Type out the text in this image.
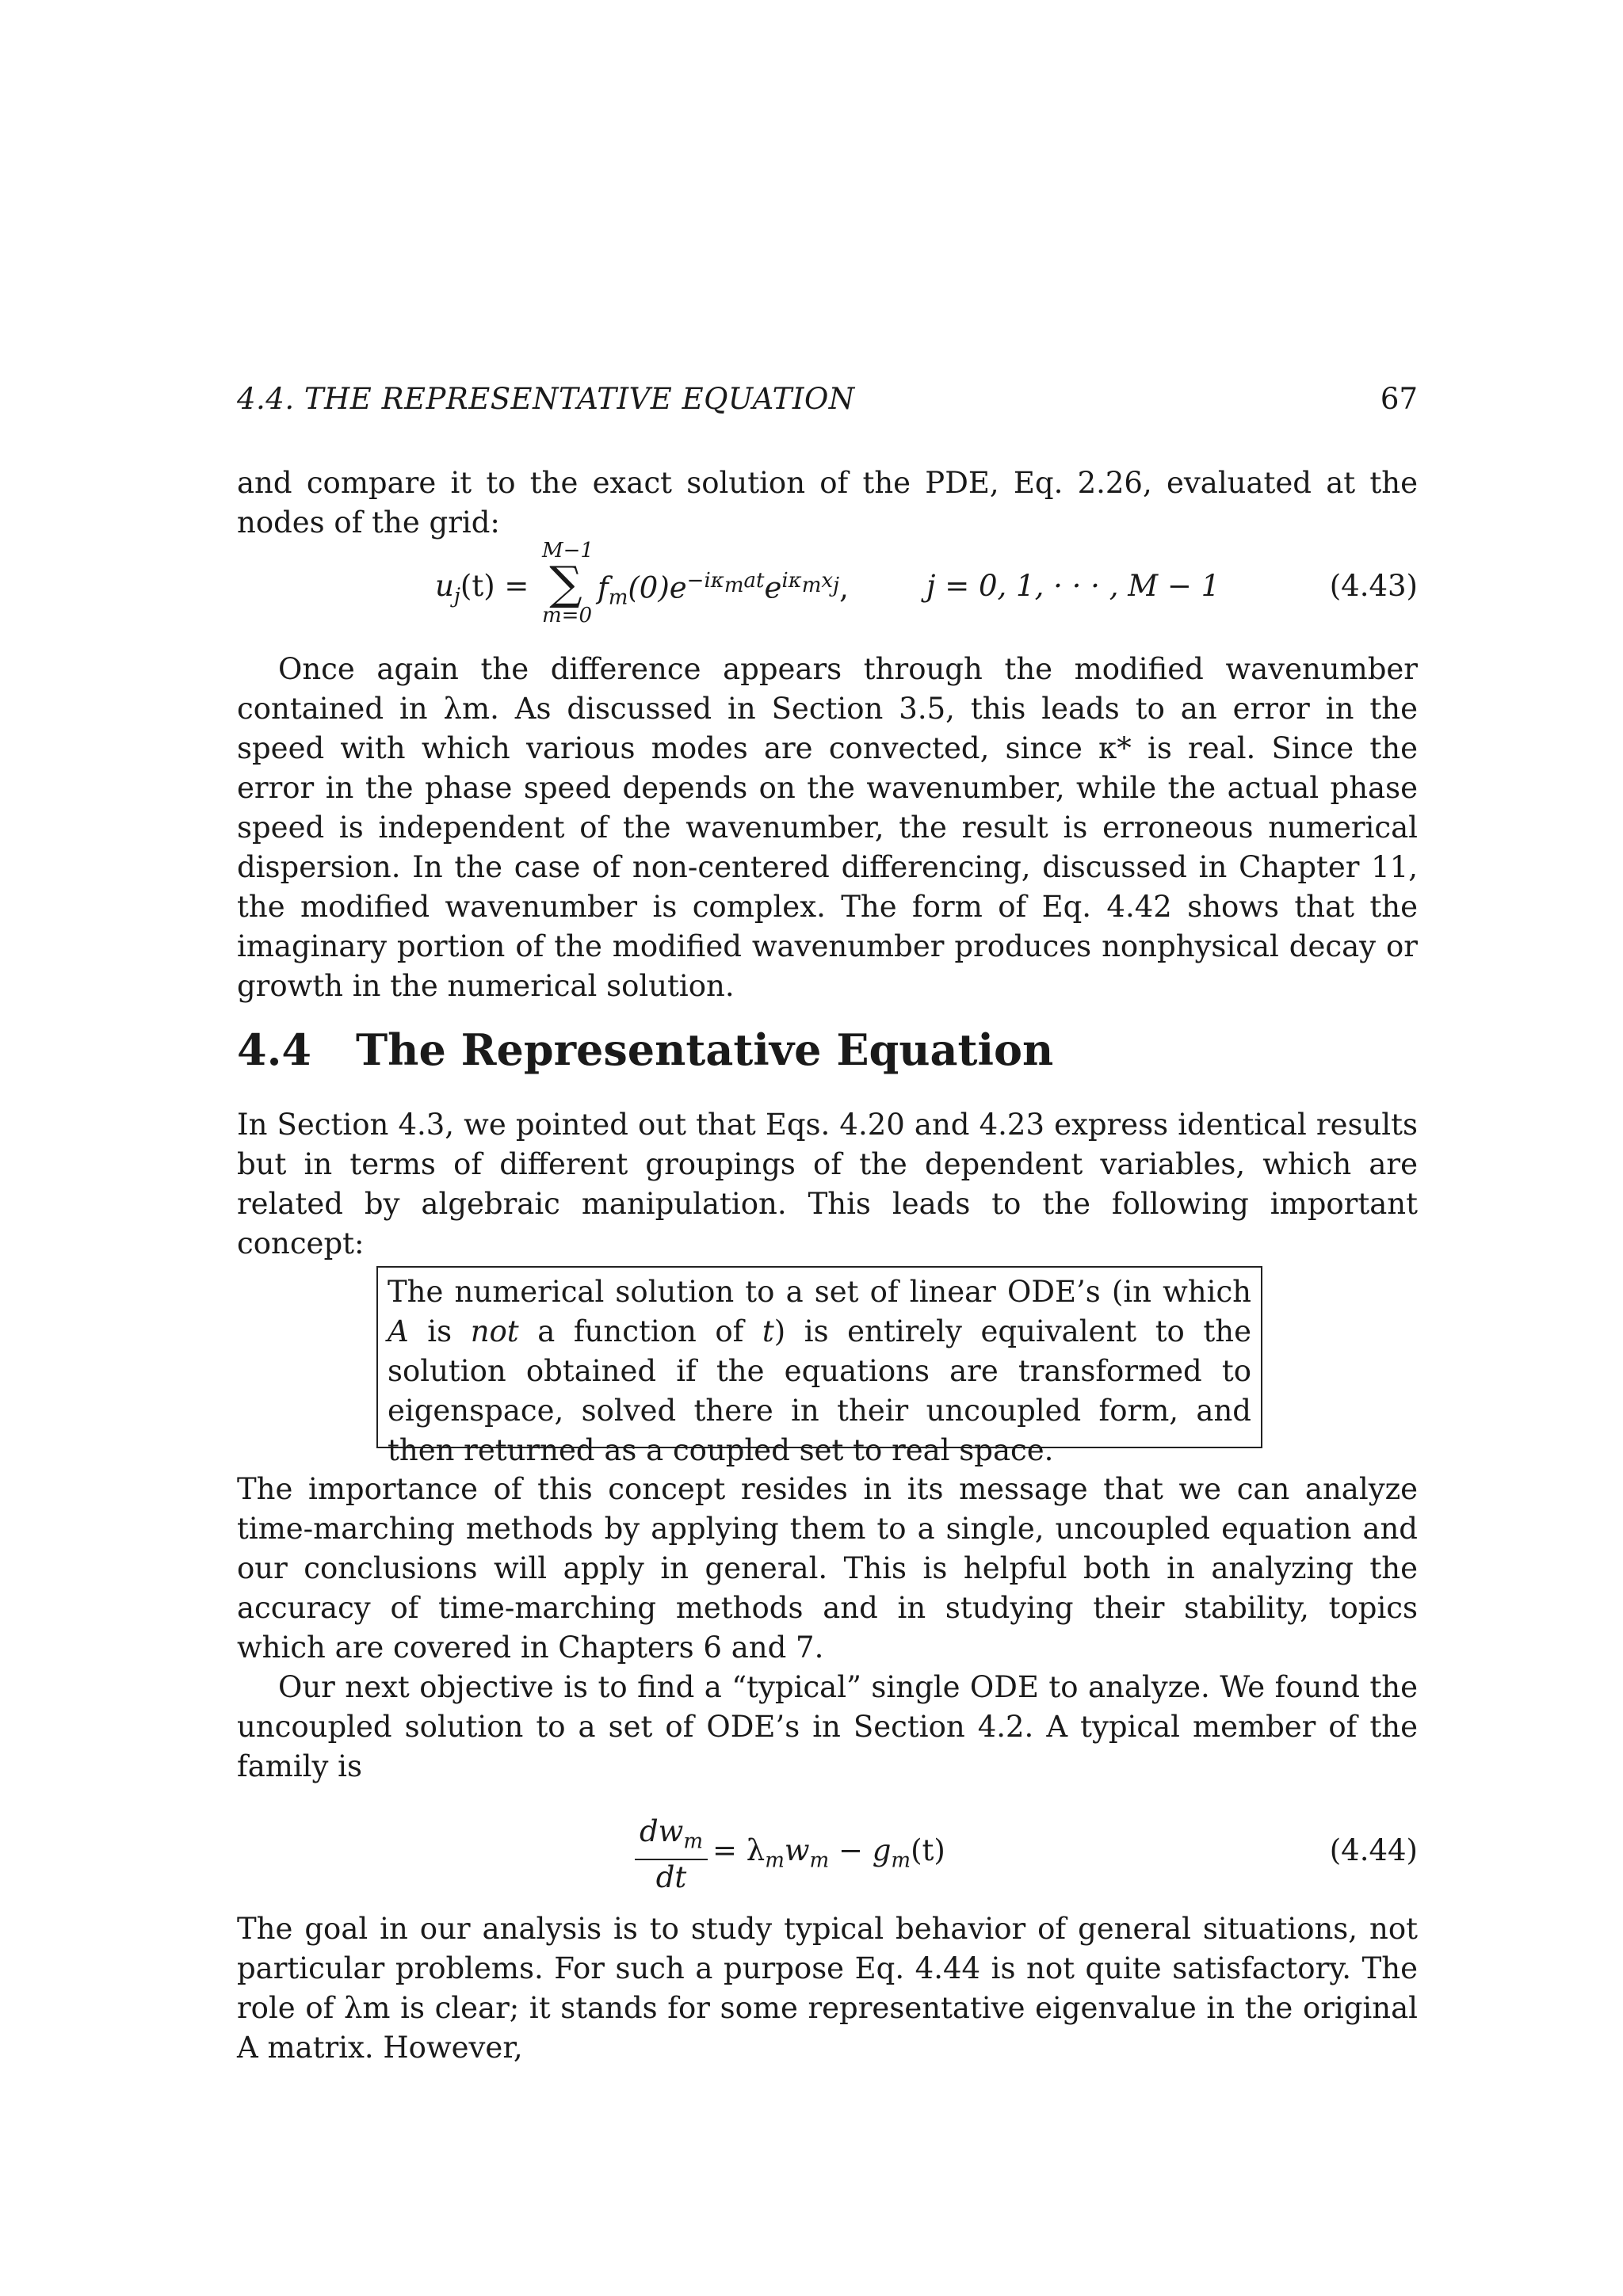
4.4. THE REPRESENTATIVE EQUATION	67
and compare it to the exact solution of the PDE, Eq. 2.26, evaluated at the nodes of the grid:
$u_j(t)$ =
M−1
∑
m=0
$f_m(0)e^{-i\kappa_mat}e^{i\kappa_mx_j}$,	j = 0, 1, · · · , M − 1	(4.43)
Once again the difference appears through the modified wavenumber contained in λm. As discussed in Section 3.5, this leads to an error in the speed with which various modes are convected, since κ* is real. Since the error in the phase speed depends on the wavenumber, while the actual phase speed is independent of the wavenumber, the result is erroneous numerical dispersion. In the case of non-centered differencing, discussed in Chapter 11, the modified wavenumber is complex. The form of Eq. 4.42 shows that the imaginary portion of the modified wavenumber produces nonphysical decay or growth in the numerical solution.
4.4 The Representative Equation
In Section 4.3, we pointed out that Eqs. 4.20 and 4.23 express identical results but in terms of different groupings of the dependent variables, which are related by algebraic manipulation. This leads to the following important concept:
The numerical solution to a set of linear ODE’s (in which A is not a function of t) is entirely equivalent to the solution obtained if the equations are transformed to eigenspace, solved there in their uncoupled form, and then returned as a coupled set to real space.
The importance of this concept resides in its message that we can analyze time-marching methods by applying them to a single, uncoupled equation and our conclusions will apply in general. This is helpful both in analyzing the accuracy of time-marching methods and in studying their stability, topics which are covered in Chapters 6 and 7.
Our next objective is to find a “typical” single ODE to analyze. We found the uncoupled solution to a set of ODE’s in Section 4.2. A typical member of the family is
$dw_m$
dt
= $\lambda_mw_m - g_m(t)$	(4.44)
The goal in our analysis is to study typical behavior of general situations, not particular problems. For such a purpose Eq. 4.44 is not quite satisfactory. The role of λm is clear; it stands for some representative eigenvalue in the original A matrix. However,
